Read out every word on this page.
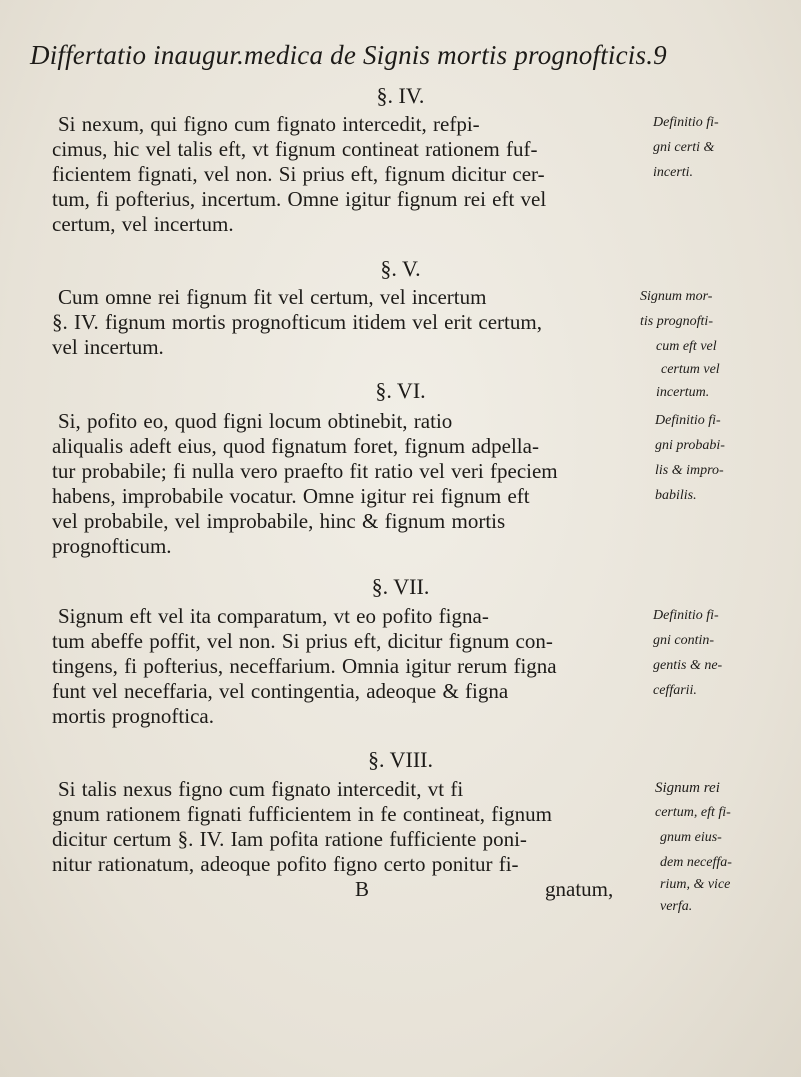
Differtatio inaugur.medica de Signis mortis prognofticis.9
§. IV.
Si nexum, qui figno cum fignato intercedit, refpi-
cimus, hic vel talis eft, vt fignum contineat rationem fuf-
ficientem fignati, vel non. Si prius eft, fignum dicitur cer-
tum, fi pofterius, incertum. Omne igitur fignum rei eft vel
certum, vel incertum.
Definitio fi-
gni certi &
incerti.
§. V.
Cum omne rei fignum fit vel certum, vel incertum
§. IV. fignum mortis prognofticum itidem vel erit certum,
vel incertum.
Signum mor-
tis prognofti-
cum eft vel
certum vel
incertum.
§. VI.
Si, pofito eo, quod figni locum obtinebit, ratio
aliqualis adeft eius, quod fignatum foret, fignum adpella-
tur probabile; fi nulla vero praefto fit ratio vel veri fpeciem
habens, improbabile vocatur. Omne igitur rei fignum eft
vel probabile, vel improbabile, hinc & fignum mortis
prognofticum.
Definitio fi-
gni probabi-
lis & impro-
babilis.
§. VII.
Signum eft vel ita comparatum, vt eo pofito figna-
tum abeffe poffit, vel non. Si prius eft, dicitur fignum con-
tingens, fi pofterius, neceffarium. Omnia igitur rerum figna
funt vel neceffaria, vel contingentia, adeoque & figna
mortis prognoftica.
Definitio fi-
gni contin-
gentis & ne-
ceffarii.
§. VIII.
Si talis nexus figno cum fignato intercedit, vt fi
gnum rationem fignati fufficientem in fe contineat, fignum
dicitur certum §. IV. Iam pofita ratione fufficiente poni-
nitur rationatum, adeoque pofito figno certo ponitur fi-
gnatum,
Signum rei
certum, eft fi-
gnum eius-
dem neceffa-
rium, & vice
verfa.
B
